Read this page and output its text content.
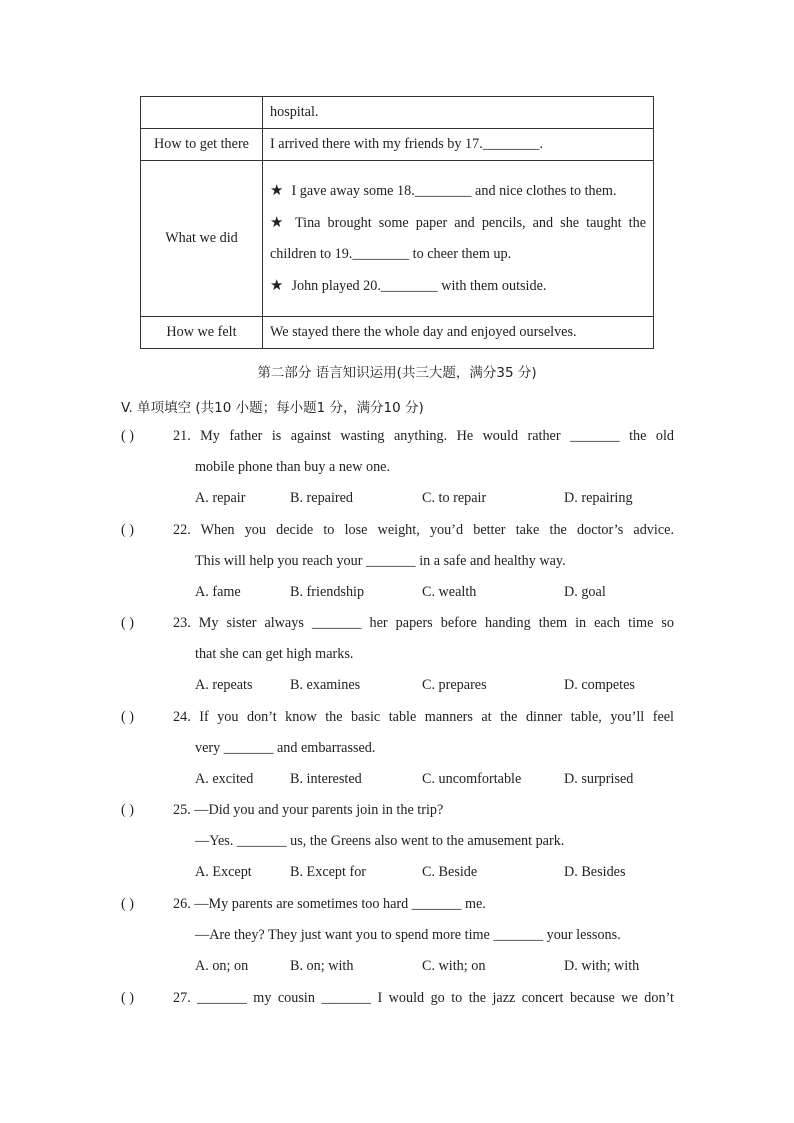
	hospital.
How to get there	I arrived there with my friends by 17.________.
What we did	★ I gave away some 18.________ and nice clothes to them.
★ Tina brought some paper and pencils, and she taught the children to 19.________ to cheer them up.
★ John played 20.________ with them outside.

How we felt	We stayed there the whole day and enjoyed ourselves.
第二部分 语言知识运用(共三大题，满分35 分)
V. 单项填空 (共10 小题；每小题1 分，满分10 分)
( )	21. My father is against wasting anything. He would rather _______ the old
mobile phone than buy a new one.
A. repair	B. repaired	C. to repair	D. repairing
( )	22. When you decide to lose weight, you’d better take the doctor’s advice.
This will help you reach your _______ in a safe and healthy way.
A. fame	B. friendship	C. wealth	D. goal
( )	23. My sister always _______ her papers before handing them in each time so
that she can get high marks.
A. repeats	B. examines	C. prepares	D. competes
( )	24. If you don’t know the basic table manners at the dinner table, you’ll feel
very _______ and embarrassed.
A. excited	B. interested	C. uncomfortable	D. surprised
( )	25. —Did you and your parents join in the trip?
—Yes. _______ us, the Greens also went to the amusement park.
A. Except	B. Except for	C. Beside	D. Besides
( )	26. —My parents are sometimes too hard _______ me.
—Are they? They just want you to spend more time _______ your lessons.
A. on; on	B. on; with	C. with; on	D. with; with
( )	27. _______ my cousin _______ I would go to the jazz concert because we don’t
